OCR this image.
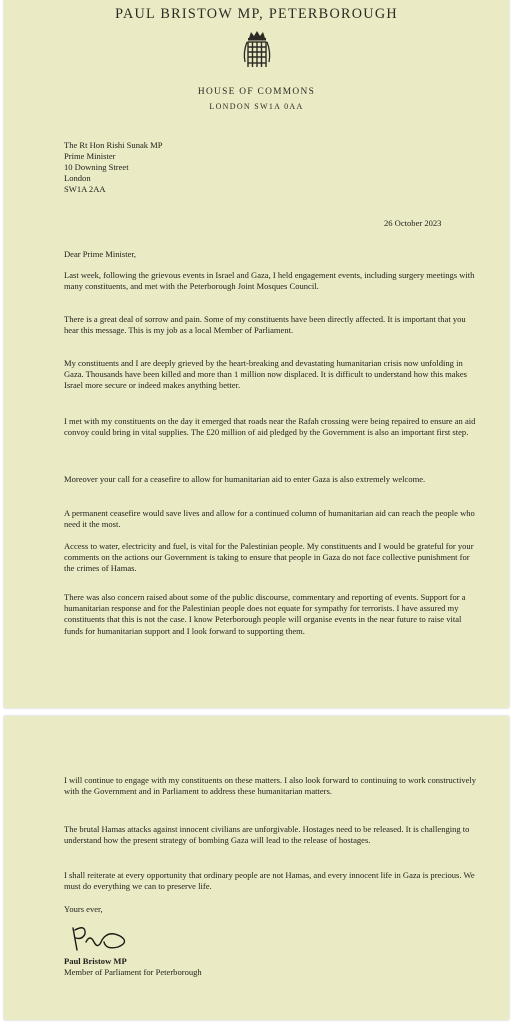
PAUL BRISTOW MP, PETERBOROUGH
HOUSE OF COMMONS
LONDON SW1A 0AA
The Rt Hon Rishi Sunak MP
Prime Minister
10 Downing Street
London
SW1A 2AA
26 October 2023
Dear Prime Minister,

Last week, following the grievous events in Israel and Gaza, I held engagement events, including surgery meetings with many constituents, and met with the Peterborough Joint Mosques Council.

There is a great deal of sorrow and pain. Some of my constituents have been directly affected. It is important that you hear this message. This is my job as a local Member of Parliament.

My constituents and I are deeply grieved by the heart-breaking and devastating humanitarian crisis now unfolding in Gaza. Thousands have been killed and more than 1 million now displaced. It is difficult to understand how this makes Israel more secure or indeed makes anything better.

I met with my constituents on the day it emerged that roads near the Rafah crossing were being repaired to ensure an aid convoy could bring in vital supplies. The £20 million of aid pledged by the Government is also an important first step.

Moreover your call for a ceasefire to allow for humanitarian aid to enter Gaza is also extremely welcome.

A permanent ceasefire would save lives and allow for a continued column of humanitarian aid can reach the people who need it the most.

Access to water, electricity and fuel, is vital for the Palestinian people. My constituents and I would be grateful for your comments on the actions our Government is taking to ensure that people in Gaza do not face collective punishment for the crimes of Hamas.

There was also concern raised about some of the public discourse, commentary and reporting of events. Support for a humanitarian response and for the Palestinian people does not equate for sympathy for terrorists. I have assured my constituents that this is not the case. I know Peterborough people will organise events in the near future to raise vital funds for humanitarian support and I look forward to supporting them.

I will continue to engage with my constituents on these matters. I also look forward to continuing to work constructively with the Government and in Parliament to address these humanitarian matters.

The brutal Hamas attacks against innocent civilians are unforgivable. Hostages need to be released. It is challenging to understand how the present strategy of bombing Gaza will lead to the release of hostages.

I shall reiterate at every opportunity that ordinary people are not Hamas, and every innocent life in Gaza is precious. We must do everything we can to preserve life.

Yours ever,
Paul Bristow MP
Member of Parliament for Peterborough
